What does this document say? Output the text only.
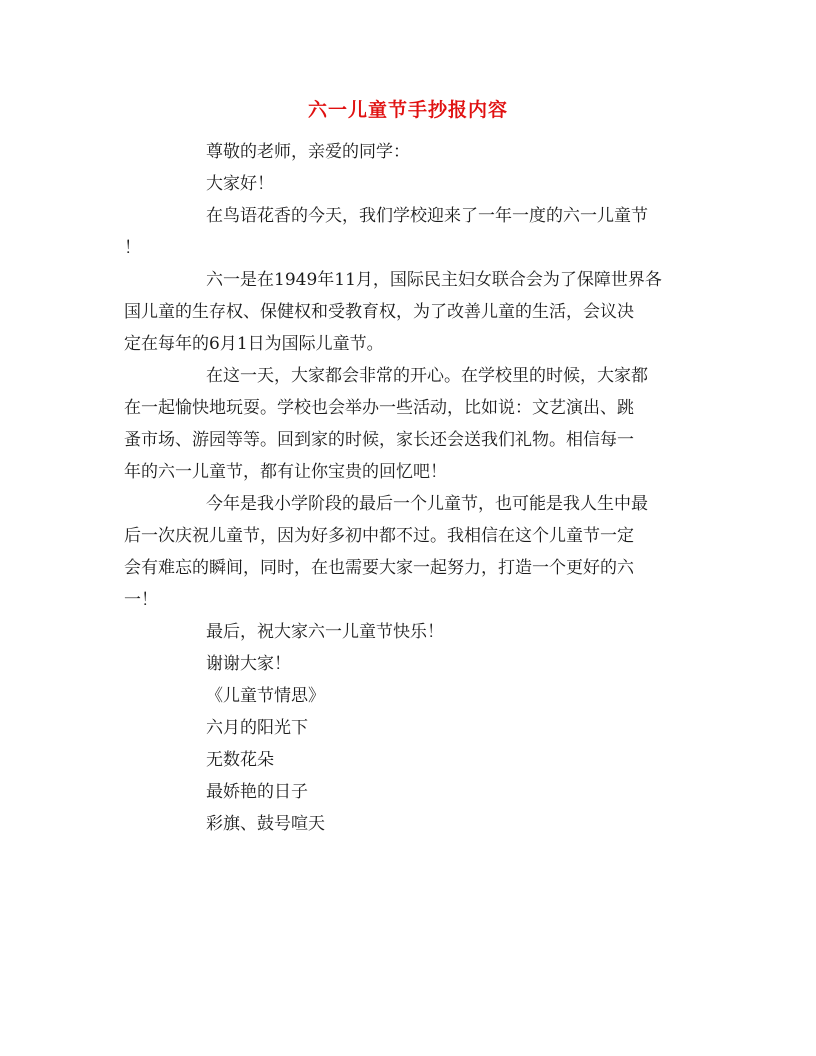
六一儿童节手抄报内容
尊敬的老师，亲爱的同学：
大家好！
在鸟语花香的今天，我们学校迎来了一年一度的六一儿童节
！
六一是在1949年11月，国际民主妇女联合会为了保障世界各
国儿童的生存权、保健权和受教育权，为了改善儿童的生活，会议决
定在每年的6月1日为国际儿童节。
在这一天，大家都会非常的开心。在学校里的时候，大家都
在一起愉快地玩耍。学校也会举办一些活动，比如说：文艺演出、跳
蚤市场、游园等等。回到家的时候，家长还会送我们礼物。相信每一
年的六一儿童节，都有让你宝贵的回忆吧！
今年是我小学阶段的最后一个儿童节，也可能是我人生中最
后一次庆祝儿童节，因为好多初中都不过。我相信在这个儿童节一定
会有难忘的瞬间，同时，在也需要大家一起努力，打造一个更好的六
一！
最后，祝大家六一儿童节快乐！
谢谢大家！
《儿童节情思》
六月的阳光下
无数花朵
最娇艳的日子
彩旗、鼓号喧天
